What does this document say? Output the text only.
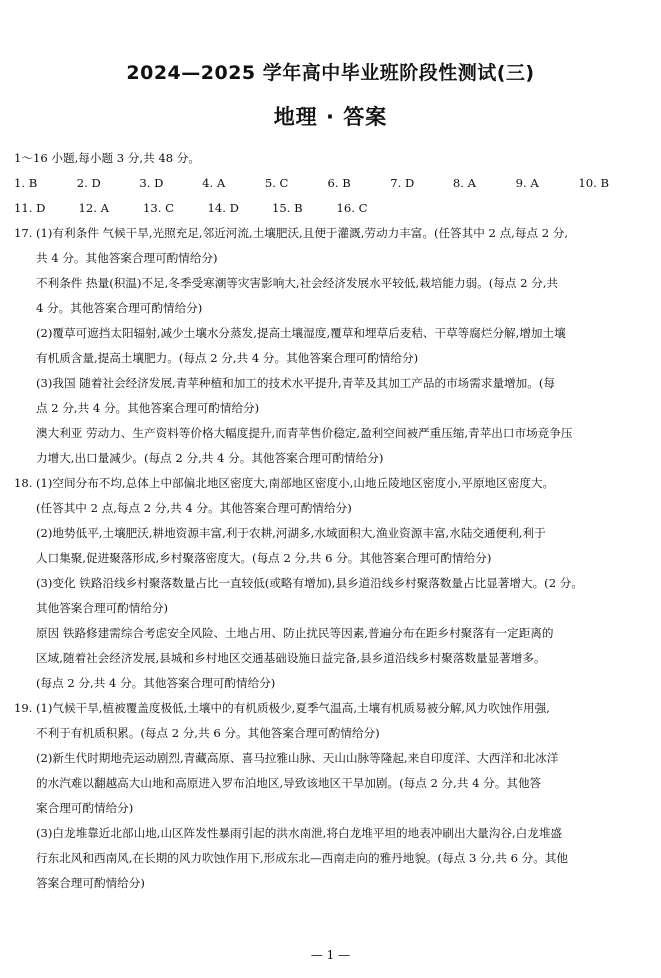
2024—2025 学年高中毕业班阶段性测试(三)
地理 · 答案
1～16 小题,每小题 3 分,共 48 分。
1. B	2. D	3. D	4. A	5. C	6. B	7. D	8. A	9. A	10. B
11. D	12. A	13. C	14. D	15. B	16. C

17. (1)有利条件 气候干旱,光照充足,邻近河流,土壤肥沃,且便于灌溉,劳动力丰富。(任答其中 2 点,每点 2 分,

共 4 分。其他答案合理可酌情给分)

不利条件 热量(积温)不足,冬季受寒潮等灾害影响大,社会经济发展水平较低,栽培能力弱。(每点 2 分,共

4 分。其他答案合理可酌情给分)

(2)覆草可遮挡太阳辐射,减少土壤水分蒸发,提高土壤湿度,覆草和埋草后麦秸、干草等腐烂分解,增加土壤

有机质含量,提高土壤肥力。(每点 2 分,共 4 分。其他答案合理可酌情给分)

(3)我国 随着社会经济发展,青苹种植和加工的技术水平提升,青苹及其加工产品的市场需求量增加。(每

点 2 分,共 4 分。其他答案合理可酌情给分)

澳大利亚 劳动力、生产资料等价格大幅度提升,而青苹售价稳定,盈利空间被严重压缩,青苹出口市场竞争压

力增大,出口量减少。(每点 2 分,共 4 分。其他答案合理可酌情给分)

18. (1)空间分布不均,总体上中部偏北地区密度大,南部地区密度小,山地丘陵地区密度小,平原地区密度大。

(任答其中 2 点,每点 2 分,共 4 分。其他答案合理可酌情给分)

(2)地势低平,土壤肥沃,耕地资源丰富,利于农耕,河湖多,水域面积大,渔业资源丰富,水陆交通便利,利于

人口集聚,促进聚落形成,乡村聚落密度大。(每点 2 分,共 6 分。其他答案合理可酌情给分)

(3)变化 铁路沿线乡村聚落数量占比一直较低(或略有增加),县乡道沿线乡村聚落数量占比显著增大。(2 分。

其他答案合理可酌情给分)

原因 铁路修建需综合考虑安全风险、土地占用、防止扰民等因素,普遍分布在距乡村聚落有一定距离的

区域,随着社会经济发展,县城和乡村地区交通基础设施日益完备,县乡道沿线乡村聚落数量显著增多。

(每点 2 分,共 4 分。其他答案合理可酌情给分)

19. (1)气候干旱,植被覆盖度极低,土壤中的有机质极少,夏季气温高,土壤有机质易被分解,风力吹蚀作用强,

不利于有机质积累。(每点 2 分,共 6 分。其他答案合理可酌情给分)

(2)新生代时期地壳运动剧烈,青藏高原、喜马拉雅山脉、天山山脉等隆起,来自印度洋、大西洋和北冰洋

的水汽难以翻越高大山地和高原进入罗布泊地区,导致该地区干旱加剧。(每点 2 分,共 4 分。其他答

案合理可酌情给分)

(3)白龙堆靠近北部山地,山区阵发性暴雨引起的洪水南泄,将白龙堆平坦的地表冲刷出大量沟谷,白龙堆盛

行东北风和西南风,在长期的风力吹蚀作用下,形成东北—西南走向的雅丹地貌。(每点 3 分,共 6 分。其他

答案合理可酌情给分)

— 1 —
